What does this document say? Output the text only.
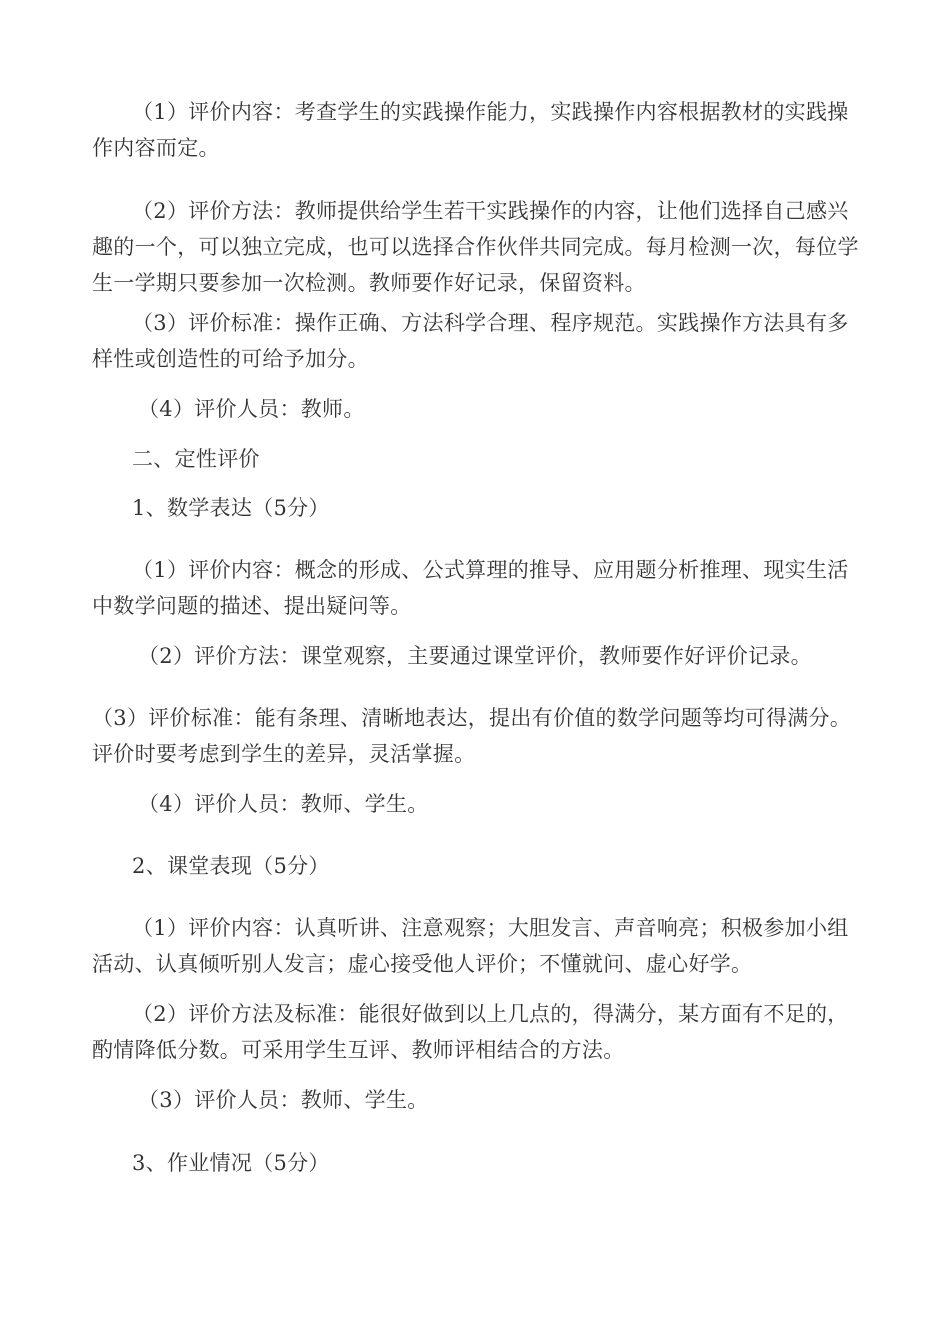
（1）评价内容：考查学生的实践操作能力，实践操作内容根据教材的实践操作内容而定。

（2）评价方法：教师提供给学生若干实践操作的内容，让他们选择自己感兴趣的一个，可以独立完成，也可以选择合作伙伴共同完成。每月检测一次，每位学生一学期只要参加一次检测。教师要作好记录，保留资料。

（3）评价标准：操作正确、方法科学合理、程序规范。实践操作方法具有多样性或创造性的可给予加分。

（4）评价人员：教师。

二、定性评价

1、数学表达（5分）

（1）评价内容：概念的形成、公式算理的推导、应用题分析推理、现实生活中数学问题的描述、提出疑问等。

（2）评价方法：课堂观察，主要通过课堂评价，教师要作好评价记录。

（3）评价标准：能有条理、清晰地表达，提出有价值的数学问题等均可得满分。评价时要考虑到学生的差异，灵活掌握。

（4）评价人员：教师、学生。

2、课堂表现（5分）

（1）评价内容：认真听讲、注意观察；大胆发言、声音响亮；积极参加小组活动、认真倾听别人发言；虚心接受他人评价；不懂就问、虚心好学。

（2）评价方法及标准：能很好做到以上几点的，得满分，某方面有不足的，酌情降低分数。可采用学生互评、教师评相结合的方法。

（3）评价人员：教师、学生。

3、作业情况（5分）
